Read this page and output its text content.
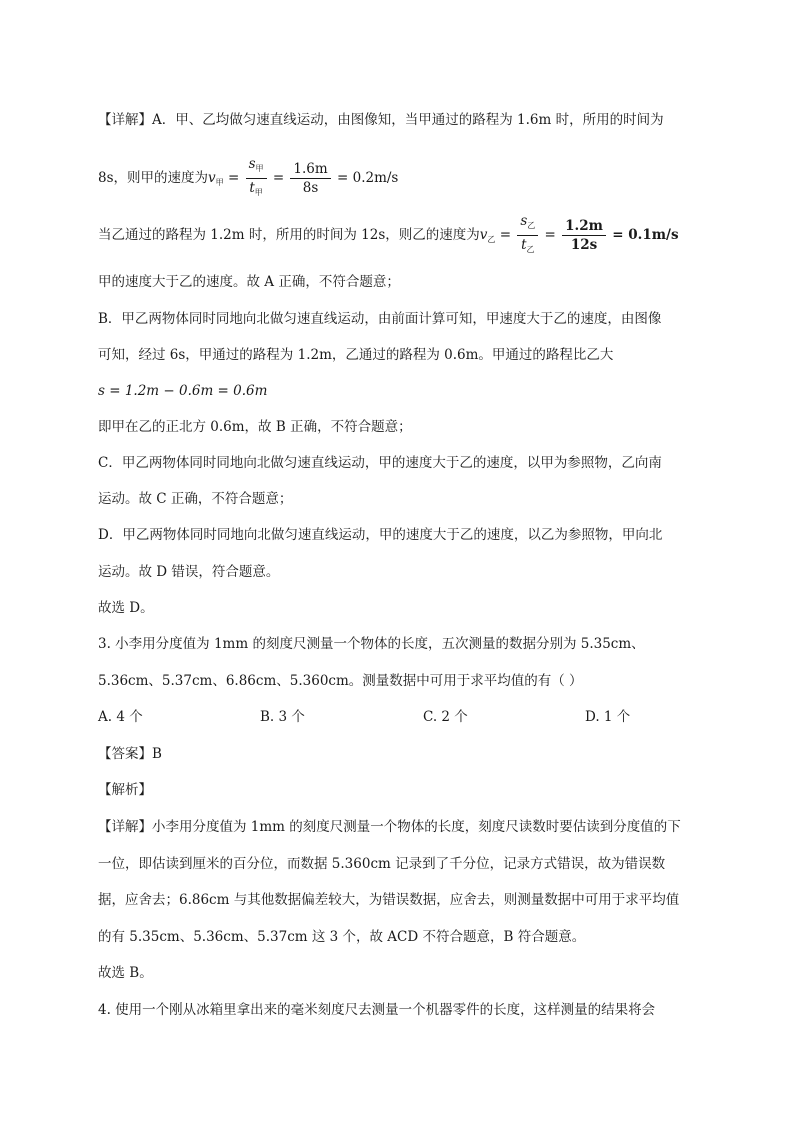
【详解】A．甲、乙均做匀速直线运动，由图像知，当甲通过的路程为 1.6m 时，所用的时间为
8s，则甲的速度为$v_甲 = \frac{s_甲}{t_甲} = \frac{1.6m}{8s} = 0.2m/s$
当乙通过的路程为 1.2m 时，所用的时间为 12s，则乙的速度为$v_乙 = \frac{s_乙}{t_乙} = \frac{1.2m}{12s} = 0.1m/s$
甲的速度大于乙的速度。故 A 正确，不符合题意；
B．甲乙两物体同时同地向北做匀速直线运动，由前面计算可知，甲速度大于乙的速度，由图像
可知，经过 6s，甲通过的路程为 1.2m，乙通过的路程为 0.6m。甲通过的路程比乙大
s = 1.2m − 0.6m = 0.6m
即甲在乙的正北方 0.6m，故 B 正确，不符合题意；
C．甲乙两物体同时同地向北做匀速直线运动，甲的速度大于乙的速度，以甲为参照物，乙向南
运动。故 C 正确，不符合题意；
D．甲乙两物体同时同地向北做匀速直线运动，甲的速度大于乙的速度，以乙为参照物，甲向北
运动。故 D 错误，符合题意。
故选 D。
3. 小李用分度值为 1mm 的刻度尺测量一个物体的长度，五次测量的数据分别为 5.35cm、
5.36cm、5.37cm、6.86cm、5.360cm。测量数据中可用于求平均值的有（ ）
A. 4 个	B. 3 个	C. 2 个	D. 1 个
【答案】B
【解析】
【详解】小李用分度值为 1mm 的刻度尺测量一个物体的长度，刻度尺读数时要估读到分度值的下
一位，即估读到厘米的百分位，而数据 5.360cm 记录到了千分位，记录方式错误，故为错误数
据，应舍去；6.86cm 与其他数据偏差较大，为错误数据，应舍去，则测量数据中可用于求平均值
的有 5.35cm、5.36cm、5.37cm 这 3 个，故 ACD 不符合题意，B 符合题意。
故选 B。
4. 使用一个刚从冰箱里拿出来的毫米刻度尺去测量一个机器零件的长度，这样测量的结果将会
